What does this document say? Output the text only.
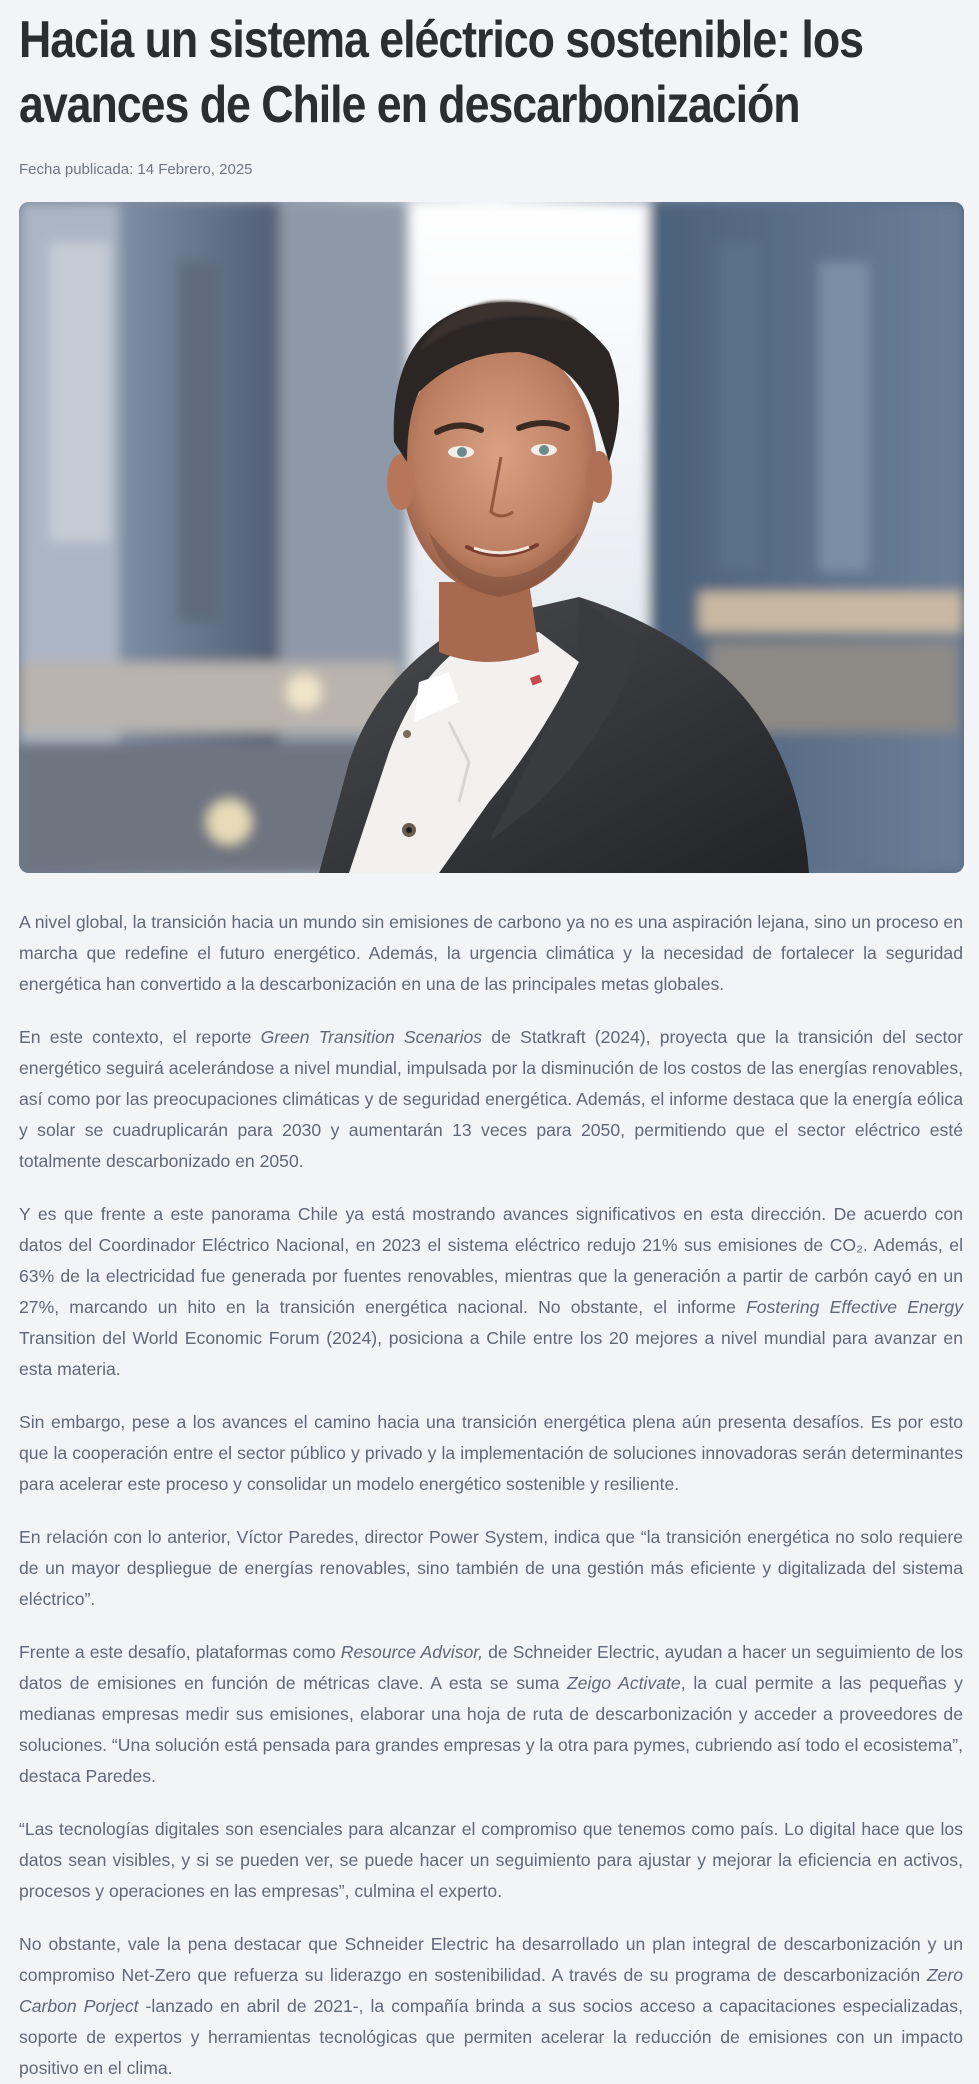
Hacia un sistema eléctrico sostenible: los avances de Chile en descarbonización
Fecha publicada: 14 Febrero, 2025

A nivel global, la transición hacia un mundo sin emisiones de carbono ya no es una aspiración lejana, sino un proceso en marcha que redefine el futuro energético. Además, la urgencia climática y la necesidad de fortalecer la seguridad energética han convertido a la descarbonización en una de las principales metas globales.

En este contexto, el reporte Green Transition Scenarios de Statkraft (2024), proyecta que la transición del sector energético seguirá acelerándose a nivel mundial, impulsada por la disminución de los costos de las energías renovables, así como por las preocupaciones climáticas y de seguridad energética. Además, el informe destaca que la energía eólica y solar se cuadruplicarán para 2030 y aumentarán 13 veces para 2050, permitiendo que el sector eléctrico esté totalmente descarbonizado en 2050.

Y es que frente a este panorama Chile ya está mostrando avances significativos en esta dirección. De acuerdo con datos del Coordinador Eléctrico Nacional, en 2023 el sistema eléctrico redujo 21% sus emisiones de CO₂. Además, el 63% de la electricidad fue generada por fuentes renovables, mientras que la generación a partir de carbón cayó en un 27%, marcando un hito en la transición energética nacional. No obstante, el informe Fostering Effective Energy Transition del World Economic Forum (2024), posiciona a Chile entre los 20 mejores a nivel mundial para avanzar en esta materia.

Sin embargo, pese a los avances el camino hacia una transición energética plena aún presenta desafíos. Es por esto que la cooperación entre el sector público y privado y la implementación de soluciones innovadoras serán determinantes para acelerar este proceso y consolidar un modelo energético sostenible y resiliente.

En relación con lo anterior, Víctor Paredes, director Power System, indica que “la transición energética no solo requiere de un mayor despliegue de energías renovables, sino también de una gestión más eficiente y digitalizada del sistema eléctrico”.

Frente a este desafío, plataformas como Resource Advisor, de Schneider Electric, ayudan a hacer un seguimiento de los datos de emisiones en función de métricas clave. A esta se suma Zeigo Activate, la cual permite a las pequeñas y medianas empresas medir sus emisiones, elaborar una hoja de ruta de descarbonización y acceder a proveedores de soluciones. “Una solución está pensada para grandes empresas y la otra para pymes, cubriendo así todo el ecosistema”, destaca Paredes.

“Las tecnologías digitales son esenciales para alcanzar el compromiso que tenemos como país. Lo digital hace que los datos sean visibles, y si se pueden ver, se puede hacer un seguimiento para ajustar y mejorar la eficiencia en activos, procesos y operaciones en las empresas”, culmina el experto.

No obstante, vale la pena destacar que Schneider Electric ha desarrollado un plan integral de descarbonización y un compromiso Net-Zero que refuerza su liderazgo en sostenibilidad. A través de su programa de descarbonización Zero Carbon Porject -lanzado en abril de 2021-, la compañía brinda a sus socios acceso a capacitaciones especializadas, soporte de expertos y herramientas tecnológicas que permiten acelerar la reducción de emisiones con un impacto positivo en el clima.
